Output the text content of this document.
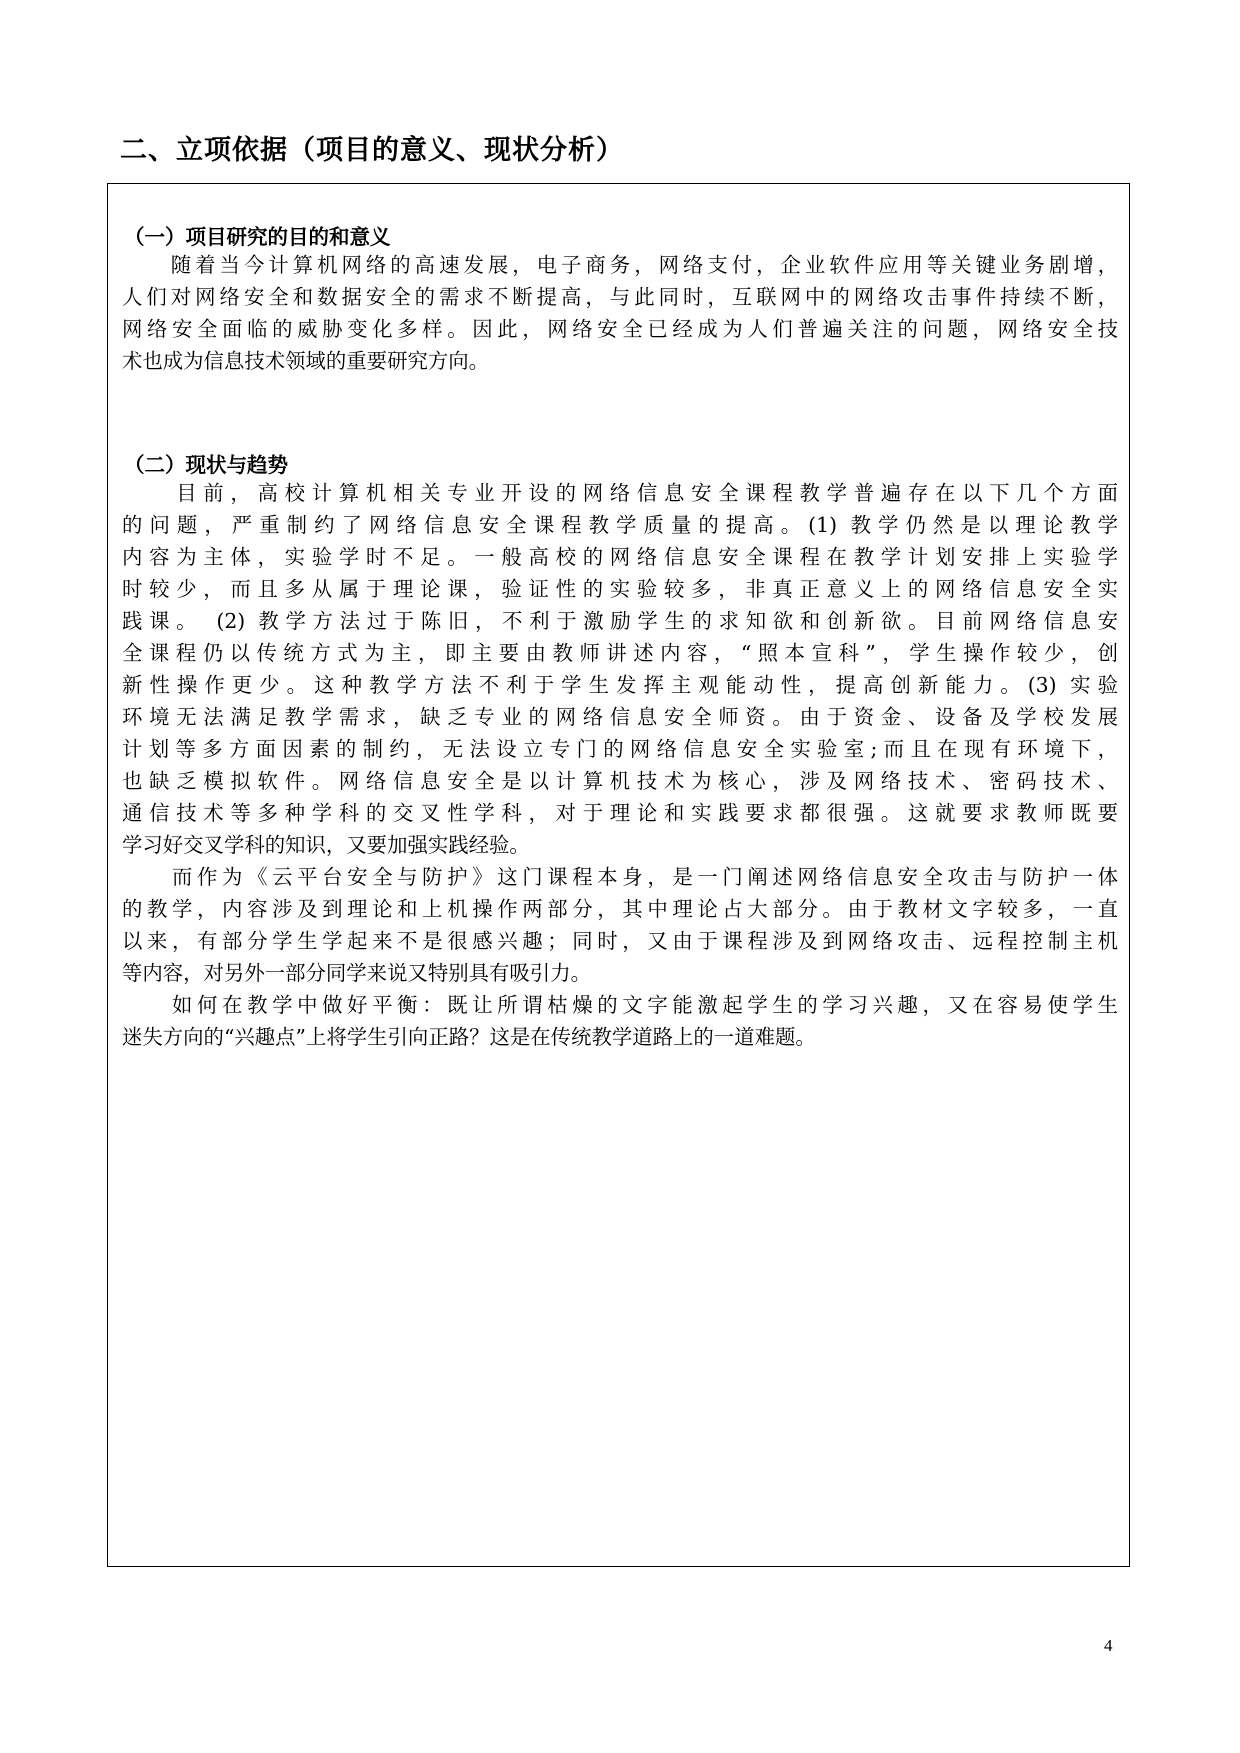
二、立项依据（项目的意义、现状分析）
（一）项目研究的目的和意义

　　随着当今计算机网络的高速发展，电子商务，网络支付，企业软件应用等关键业务剧增，
人们对网络安全和数据安全的需求不断提高，与此同时，互联网中的网络攻击事件持续不断，
网络安全面临的威胁变化多样。因此，网络安全已经成为人们普遍关注的问题，网络安全技
术也成为信息技术领域的重要研究方向。

（二）现状与趋势

　　目前，高校计算机相关专业开设的网络信息安全课程教学普遍存在以下几个方面
的问题，严重制约了网络信息安全课程教学质量的提高。(1) 教学仍然是以理论教学
内容为主体，实验学时不足。一般高校的网络信息安全课程在教学计划安排上实验学
时较少，而且多从属于理论课，验证性的实验较多，非真正意义上的网络信息安全实
践课。 (2) 教学方法过于陈旧，不利于激励学生的求知欲和创新欲。目前网络信息安
全课程仍以传统方式为主，即主要由教师讲述内容，“照本宣科”，学生操作较少，创
新性操作更少。这种教学方法不利于学生发挥主观能动性，提高创新能力。(3) 实验
环境无法满足教学需求，缺乏专业的网络信息安全师资。由于资金、设备及学校发展
计划等多方面因素的制约，无法设立专门的网络信息安全实验室;而且在现有环境下，
也缺乏模拟软件。网络信息安全是以计算机技术为核心，涉及网络技术、密码技术、
通信技术等多种学科的交叉性学科，对于理论和实践要求都很强。这就要求教师既要
学习好交叉学科的知识，又要加强实践经验。

　　而作为《云平台安全与防护》这门课程本身，是一门阐述网络信息安全攻击与防护一体
的教学，内容涉及到理论和上机操作两部分，其中理论占大部分。由于教材文字较多，一直
以来，有部分学生学起来不是很感兴趣；同时，又由于课程涉及到网络攻击、远程控制主机
等内容，对另外一部分同学来说又特别具有吸引力。

　　如何在教学中做好平衡：既让所谓枯燥的文字能激起学生的学习兴趣，又在容易使学生
迷失方向的“兴趣点”上将学生引向正路？这是在传统教学道路上的一道难题。

4
